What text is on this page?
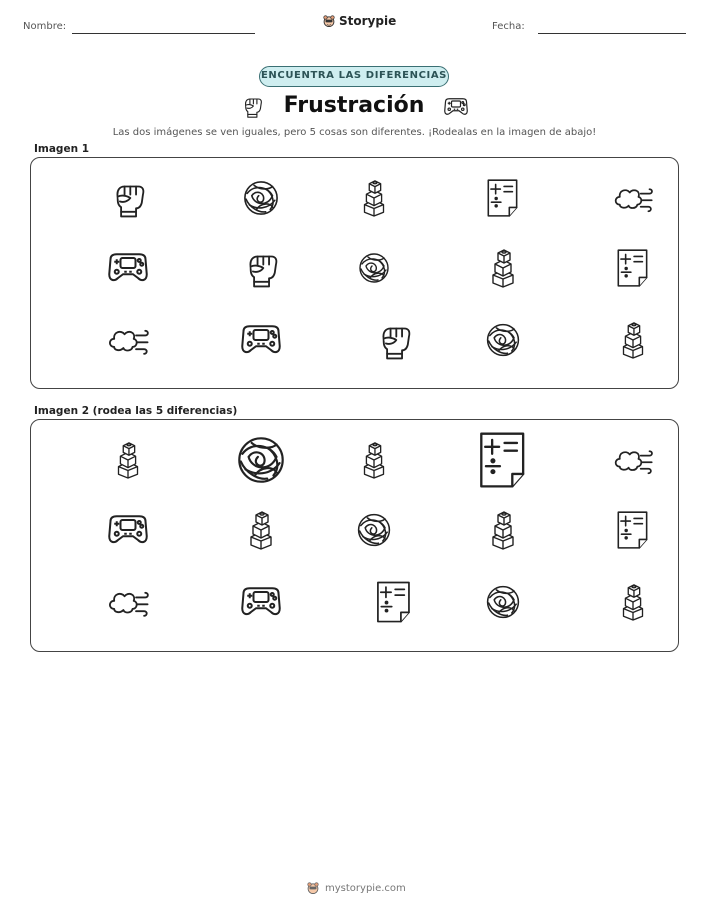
Nombre:	Storypie	Fecha:
ENCUENTRA LAS DIFERENCIAS
Frustración
Las dos imágenes se ven iguales, pero 5 cosas son diferentes. ¡Rodealas en la imagen de abajo!
Imagen 1
Imagen 2 (rodea las 5 diferencias)
mystorypie.com
